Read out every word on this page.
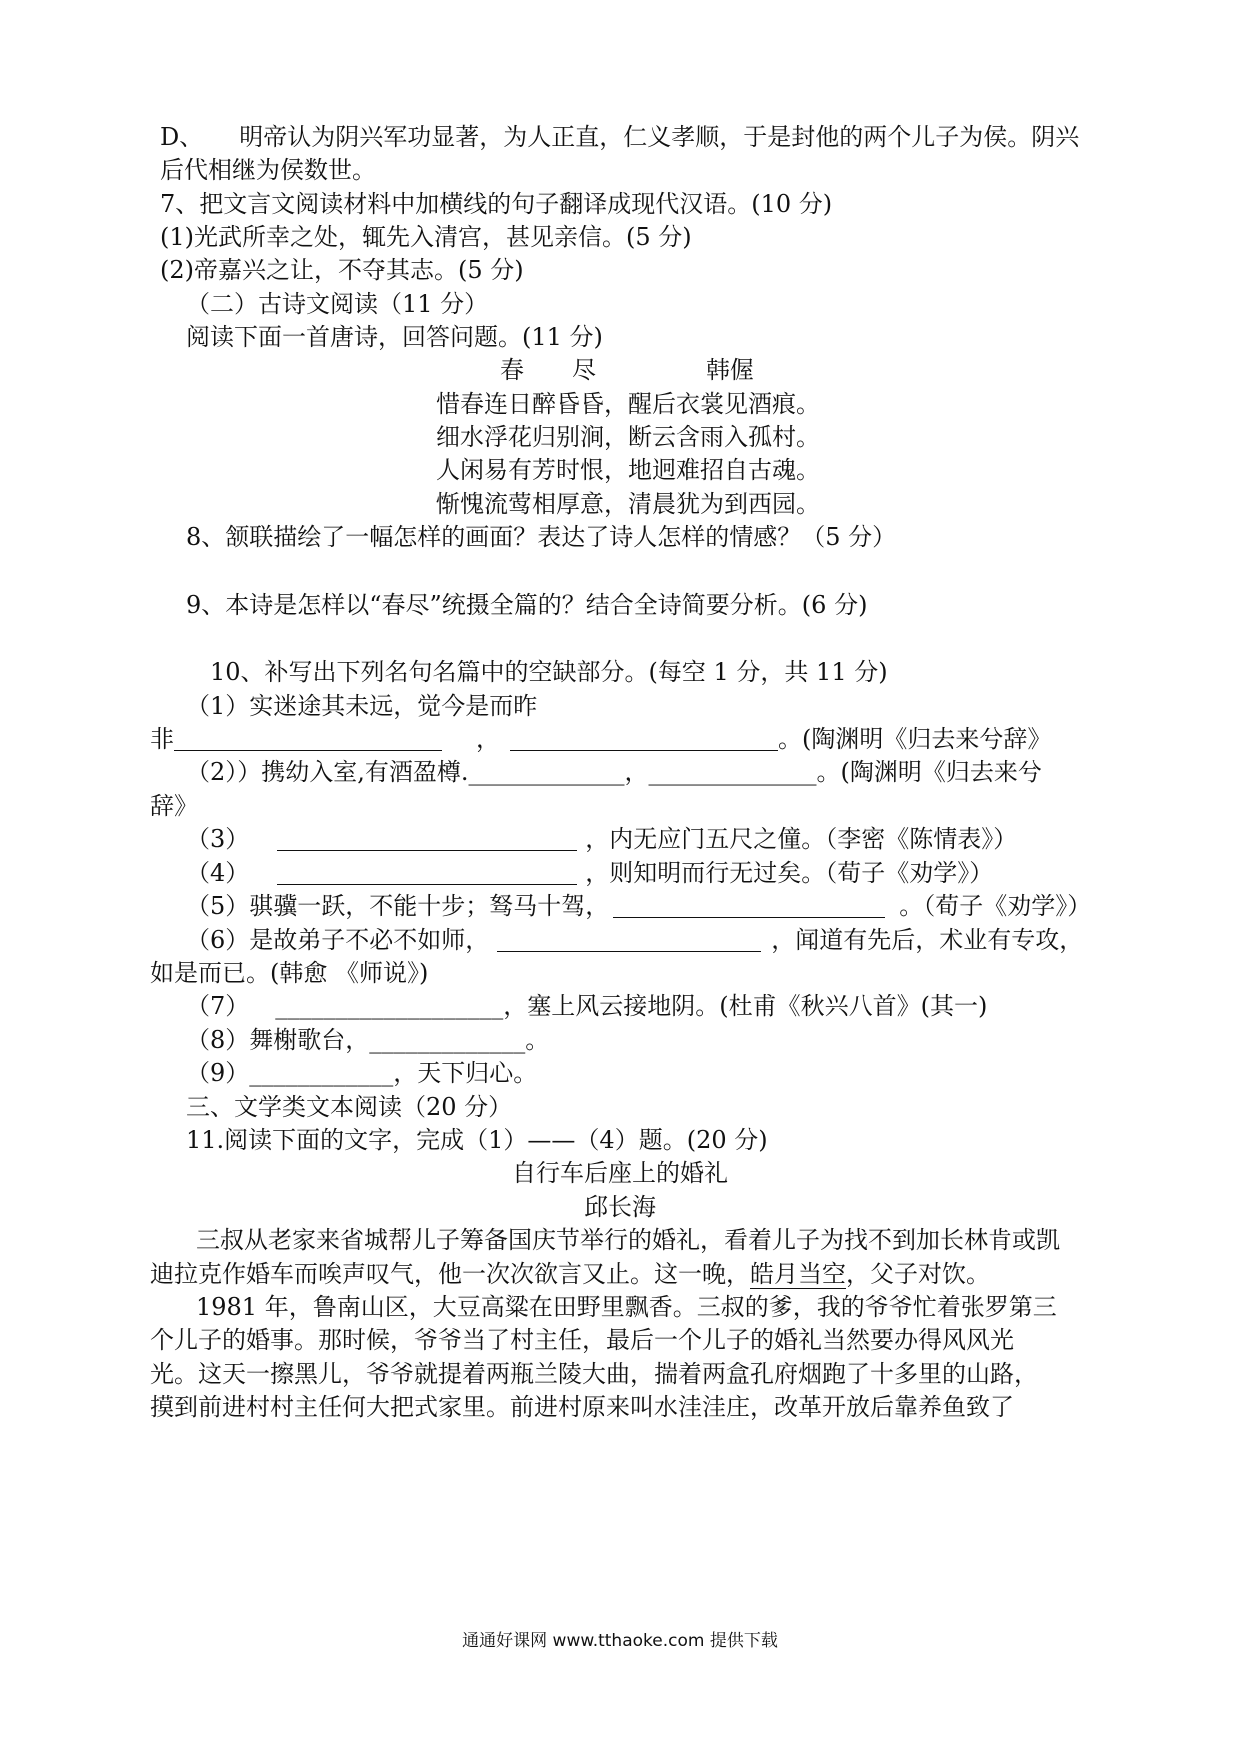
D、 明帝认为阴兴军功显著，为人正直，仁义孝顺，于是封他的两个儿子为侯。阴兴
后代相继为侯数世。
7、把文言文阅读材料中加横线的句子翻译成现代汉语。(10 分)
(1)光武所幸之处，辄先入清宫，甚见亲信。(5 分)
(2)帝嘉兴之让，不夺其志。(5 分)
（二）古诗文阅读（11 分）
阅读下面一首唐诗，回答问题。(11 分)
春 尽	韩偓
惜春连日醉昏昏，醒后衣裳见酒痕。
细水浮花归别涧，断云含雨入孤村。
人闲易有芳时恨，地迥难招自古魂。
惭愧流莺相厚意，清晨犹为到西园。
8、颔联描绘了一幅怎样的画面？表达了诗人怎样的情感？（5 分）
9、本诗是怎样以“春尽”统摄全篇的？结合全诗简要分析。(6 分)
10、补写出下列名句名篇中的空缺部分。(每空 1 分，共 11 分)
（1）实迷途其未远，觉今是而昨
非	，	。(陶渊明《归去来兮辞》
（2））携幼入室,有酒盈樽._____________，______________。(陶渊明《归去来兮
辞》
（3）	，内无应门五尺之僮。（李密《陈情表》）
（4）	，则知明而行无过矣。（荀子《劝学》）
（5）骐骥一跃，不能十步；驽马十驾，	。（荀子《劝学》）
（6）是故弟子不必不如师，	，闻道有先后，术业有专攻，
如是而已。(韩愈 《师说》)
（7） ___________________，塞上风云接地阴。(杜甫《秋兴八首》(其一)
（8）舞榭歌台，_____________。
（9）____________，天下归心。
三、文学类文本阅读（20 分）
11.阅读下面的文字，完成（1）——（4）题。(20 分)
自行车后座上的婚礼
邱长海
三叔从老家来省城帮儿子筹备国庆节举行的婚礼，看着儿子为找不到加长林肯或凯
迪拉克作婚车而唉声叹气，他一次次欲言又止。这一晚，皓月当空，父子对饮。
1981 年，鲁南山区，大豆高粱在田野里飘香。三叔的爹，我的爷爷忙着张罗第三
个儿子的婚事。那时候，爷爷当了村主任，最后一个儿子的婚礼当然要办得风风光
光。这天一擦黑儿，爷爷就提着两瓶兰陵大曲，揣着两盒孔府烟跑了十多里的山路，
摸到前进村村主任何大把式家里。前进村原来叫水洼洼庄，改革开放后靠养鱼致了
通通好课网 www.tthaoke.com 提供下载
